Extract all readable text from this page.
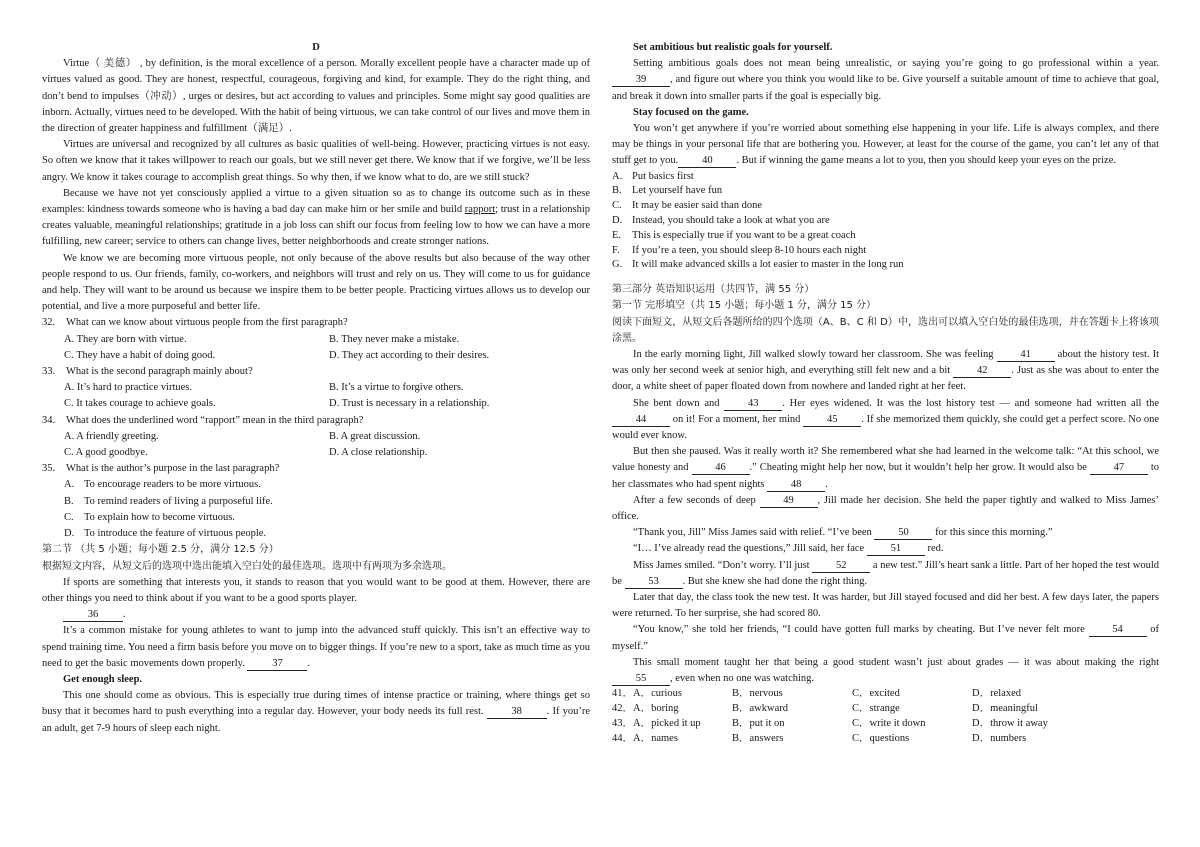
D

Virtue（ 美德） , by definition, is the moral excellence of a person. Morally excellent people have a character made up of virtues valued as good. They are honest, respectful, courageous, forgiving and kind, for example. They do the right thing, and don’t bend to impulses（冲动）, urges or desires, but act according to values and principles. Some might say good qualities are inborn. Actually, virtues need to be developed. With the habit of being virtuous, we can take control of our lives and move them in the direction of greater happiness and fulfillment（满足）.

Virtues are universal and recognized by all cultures as basic qualities of well-being. However, practicing virtues is not easy. So often we know that it takes willpower to reach our goals, but we still never get there. We know that if we forgive, we’ll be less angry. We know it takes courage to accomplish great things. So why then, if we know what to do, are we still stuck?

Because we have not yet consciously applied a virtue to a given situation so as to change its outcome such as in these examples: kindness towards someone who is having a bad day can make him or her smile and build rapport; trust in a relationship creates valuable, meaningful relationships; gratitude in a job loss can shift our focus from feeling low to how we can have a more fulfilling, new career; service to others can change lives, better neighborhoods and create stronger nations.

We know we are becoming more virtuous people, not only because of the above results but also because of the way other people respond to us. Our friends, family, co-workers, and neighbors will trust and rely on us. They will come to us for guidance and help. They will want to be around us because we inspire them to be better people. Practicing virtues allows us to develop our potential, and live a more purposeful and better life.

32.	What can we know about virtuous people from the first paragraph?
A. They are born with virtue.	B. They never make a mistake.
C. They have a habit of doing good.	D. They act according to their desires.
33.	What is the second paragraph mainly about?
A. It’s hard to practice virtues.	B. It’s a virtue to forgive others.
C. It takes courage to achieve goals.	D. Trust is necessary in a relationship.
34.	What does the underlined word “rapport” mean in the third paragraph?
A. A friendly greeting.	B. A great discussion.
C. A good goodbye.	D. A close relationship.
35.	What is the author’s purpose in the last paragraph?
A. To encourage readers to be more virtuous.
B. To remind readers of living a purposeful life.
C. To explain how to become virtuous.
D. To introduce the feature of virtuous people.

第二节 （共 5 小题；每小题 2.5 分，满分 12.5 分）

根据短文内容，从短文后的选项中选出能填入空白处的最佳选项。选项中有两项为多余选项。

If sports are something that interests you, it stands to reason that you would want to be good at them. However, there are other things you need to think about if you want to be a good sports player.

36 .

It’s a common mistake for young athletes to want to jump into the advanced stuff quickly. This isn’t an effective way to spend training time. You need a firm basis before you move on to bigger things. If you’re new to a sport, take as much time as you need to get the basic movements down properly.	37 .

Get enough sleep.

This one should come as obvious. This is especially true during times of intense practice or training, where things get so busy that it becomes hard to push everything into a regular day. However, your body needs its full rest.	38 . If you’re an adult, get 7-9 hours of sleep each night.

Set ambitious but realistic goals for yourself.

Setting ambitious goals does not mean being unrealistic, or saying you’re going to go professional within a year. 39 , and figure out where you think you would like to be. Give yourself a suitable amount of time to achieve that goal, and break it down into smaller parts if the goal is especially big.

Stay focused on the game.

You won’t get anywhere if you’re worried about something else happening in your life. Life is always complex, and there may be things in your personal life that are bothering you. However, at least for the course of the game, you can’t let any of that stuff get to you. 40 . But if winning the game means a lot to you, then you should keep your eyes on the prize.

A. Put basics first
B. Let yourself have fun
C. It may be easier said than done
D. Instead, you should take a look at what you are
E.	This is especially true if you want to be a great coach
F.	If you’re a teen, you should sleep 8-10 hours each night
G. It will make advanced skills a lot easier to master in the long run

第三部分 英语知识运用（共四节，满 55 分）

第一节 完形填空（共 15 小题；每小题 1 分，满分 15 分）

阅读下面短文，从短文后各题所给的四个选项（A、B、C 和 D）中，选出可以填入空白处的最佳选项，并在答题卡上将该项涂黑。

In the early morning light, Jill walked slowly toward her classroom. She was feeling	41	about the history test. It was only her second week at senior high, and everything still felt new and a bit	42 . Just as she was about to enter the door, a white sheet of paper floated down from nowhere and landed right at her feet.

She bent down and	43 . Her eyes widened. It was the lost history test — and someone had written all the 44	on it! For a moment, her mind	45 . If she memorized them quickly, she could get a perfect score. No one would ever know.

But then she paused. Was it really worth it? She remembered what she had learned in the welcome talk: “At this school, we value honesty and	46 .” Cheating might help her now, but it wouldn’t help her grow. It would also be	47	to her classmates who had spent nights	48 .

After a few seconds of deep	49 , Jill made her decision. She held the paper tightly and walked to Miss James’ office.

“Thank you, Jill” Miss James said with relief. “I’ve been	50	for this since this morning.”

“I… I’ve already read the questions,” Jill said, her face	51	red.

Miss James smiled. “Don’t worry. I’ll just	52	a new test.” Jill’s heart sank a little. Part of her hoped the test would be	53 . But she knew she had done the right thing.

Later that day, the class took the new test. It was harder, but Jill stayed focused and did her best. A few days later, the papers were returned. To her surprise, she had scored 80.

“You know,” she told her friends, “I could have gotten full marks by cheating. But I’ve never felt more	54	of myself.”

This small moment taught her that being a good student wasn’t just about grades — it was about making the right 55 , even when no one was watching.

41．A．curious	B．nervous	C．excited	D．relaxed
42．A．boring	B．awkward	C．strange	D．meaningful
43．A．picked it up	B．put it on	C．write it down	D．throw it away
44．A．names	B．answers	C．questions	D．numbers
